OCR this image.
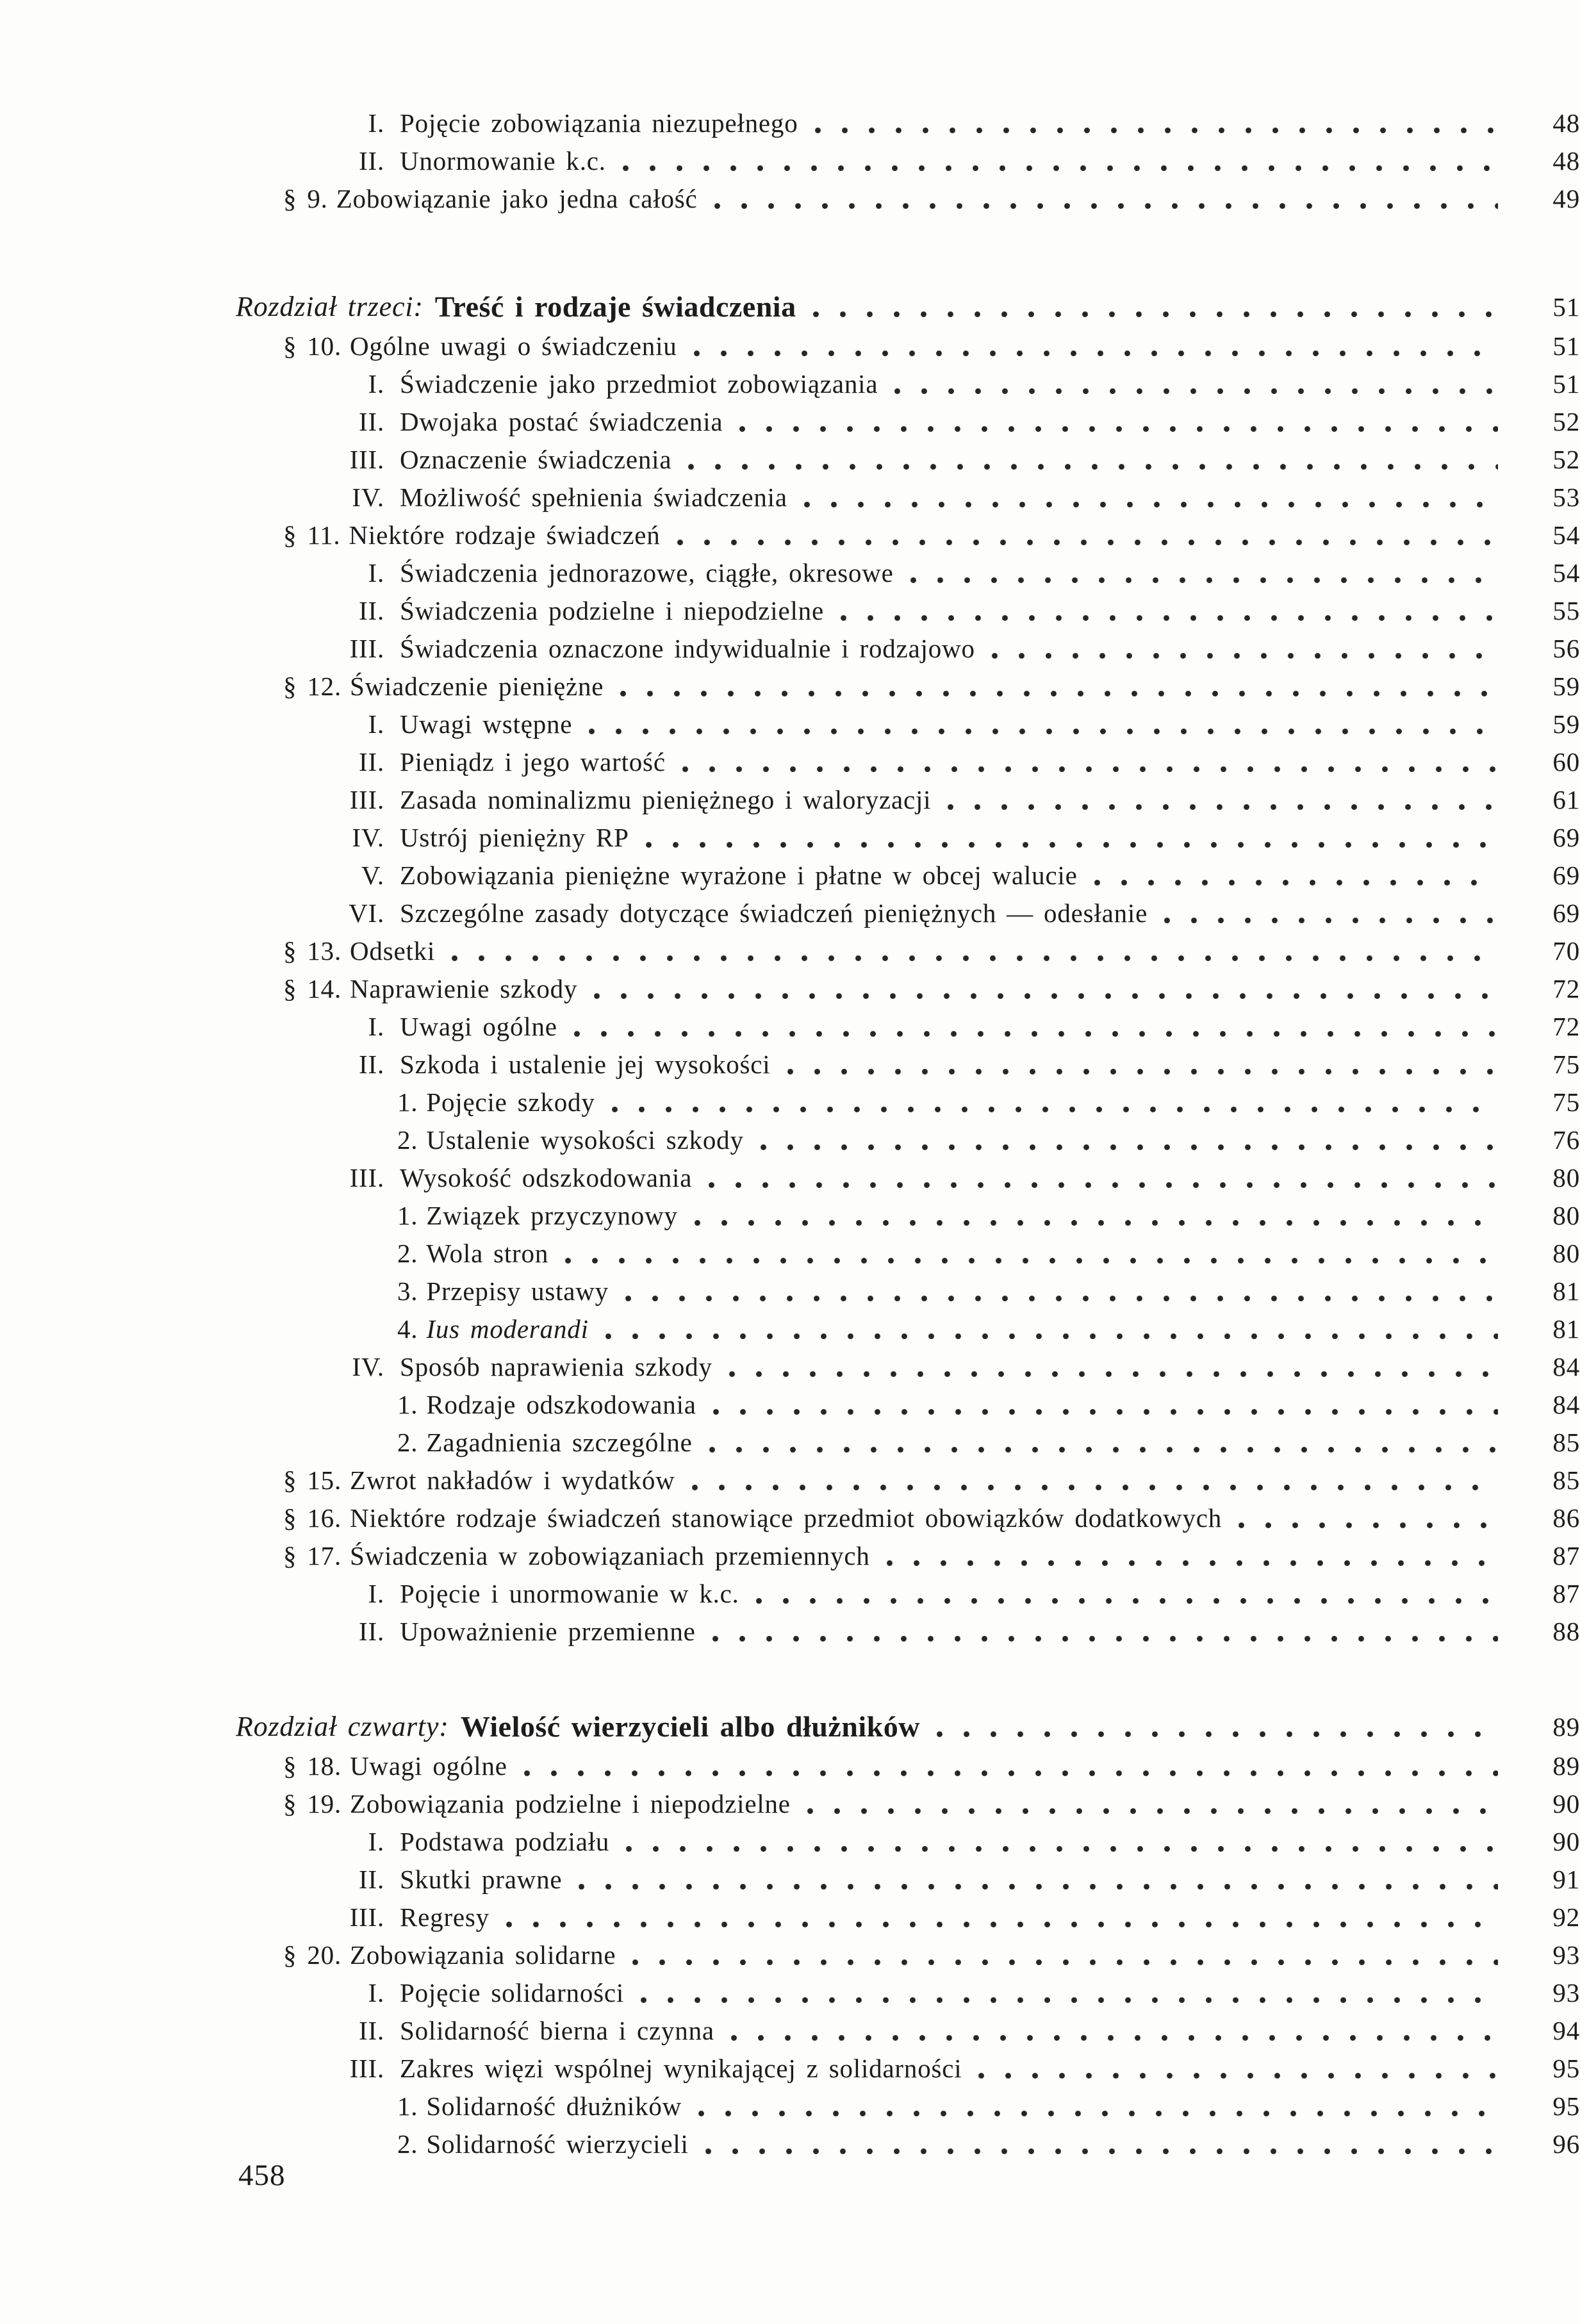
I. Pojęcie zobowiązania niezupełnego	48
II. Unormowanie k.c.	48
§ 9. Zobowiązanie jako jedna całość	49
Rozdział trzeci: Treść i rodzaje świadczenia	51
§ 10. Ogólne uwagi o świadczeniu	51
I. Świadczenie jako przedmiot zobowiązania	51
II. Dwojaka postać świadczenia	52
III. Oznaczenie świadczenia	52
IV. Możliwość spełnienia świadczenia	53
§ 11. Niektóre rodzaje świadczeń	54
I. Świadczenia jednorazowe, ciągłe, okresowe	54
II. Świadczenia podzielne i niepodzielne	55
III. Świadczenia oznaczone indywidualnie i rodzajowo	56
§ 12. Świadczenie pieniężne	59
I. Uwagi wstępne	59
II. Pieniądz i jego wartość	60
III. Zasada nominalizmu pieniężnego i waloryzacji	61
IV. Ustrój pieniężny RP	69
V. Zobowiązania pieniężne wyrażone i płatne w obcej walucie	69
VI. Szczególne zasady dotyczące świadczeń pieniężnych — odesłanie	69
§ 13. Odsetki	70
§ 14. Naprawienie szkody	72
I. Uwagi ogólne	72
II. Szkoda i ustalenie jej wysokości	75
1. Pojęcie szkody	75
2. Ustalenie wysokości szkody	76
III. Wysokość odszkodowania	80
1. Związek przyczynowy	80
2. Wola stron	80
3. Przepisy ustawy	81
4. Ius moderandi	81
IV. Sposób naprawienia szkody	84
1. Rodzaje odszkodowania	84
2. Zagadnienia szczególne	85
§ 15. Zwrot nakładów i wydatków	85
§ 16. Niektóre rodzaje świadczeń stanowiące przedmiot obowiązków dodatkowych	86
§ 17. Świadczenia w zobowiązaniach przemiennych	87
I. Pojęcie i unormowanie w k.c.	87
II. Upoważnienie przemienne	88
Rozdział czwarty: Wielość wierzycieli albo dłużników	89
§ 18. Uwagi ogólne	89
§ 19. Zobowiązania podzielne i niepodzielne	90
I. Podstawa podziału	90
II. Skutki prawne	91
III. Regresy	92
§ 20. Zobowiązania solidarne	93
I. Pojęcie solidarności	93
II. Solidarność bierna i czynna	94
III. Zakres więzi wspólnej wynikającej z solidarności	95
1. Solidarność dłużników	95
2. Solidarność wierzycieli	96
458
